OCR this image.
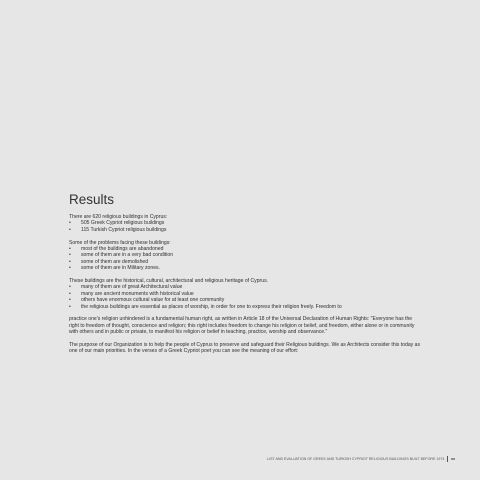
Results

There are 620 religious buildings in Cyprus:

• 505 Greek Cypriot religious buildings
• 115 Turkish Cypriot religious buildings

Some of the problems facing these buildings:

• most of the buildings are abandoned
• some of them are in a very bad condition
• some of them are demolished
• some of them are in Military zones.

These buildings are the historical, cultural, architectural and religious heritage of Cyprus.

• many of them are of great Architectural value
• many are ancient monuments with historical value
• others have enormous cultural value for at least one community
• the religious buildings are essential as places of worship, in order for one to express their religion freely. Freedom to

practice one's religion unhindered is a fundamental human right, as written in Article 18 of the Universal Declaration of Human Rights: "Everyone has the right to freedom of thought, conscience and religion; this right includes freedom to change his religion or belief, and freedom, either alone or in community with others and in public or private, to manifest his religion or belief in teaching, practice, worship and observance."

The purpose of our Organization is to help the people of Cyprus to preserve and safeguard their Religious buildings. We as Architects consider this today as one of our main priorities. In the verses of a Greek Cypriot poet you can see the meaning of our effort:

LIST AND EVALUATION OF GREEK AND TURKISH CYPRIOT RELIGIOUS BUILDINGS BUILT BEFORE 1974 xx
